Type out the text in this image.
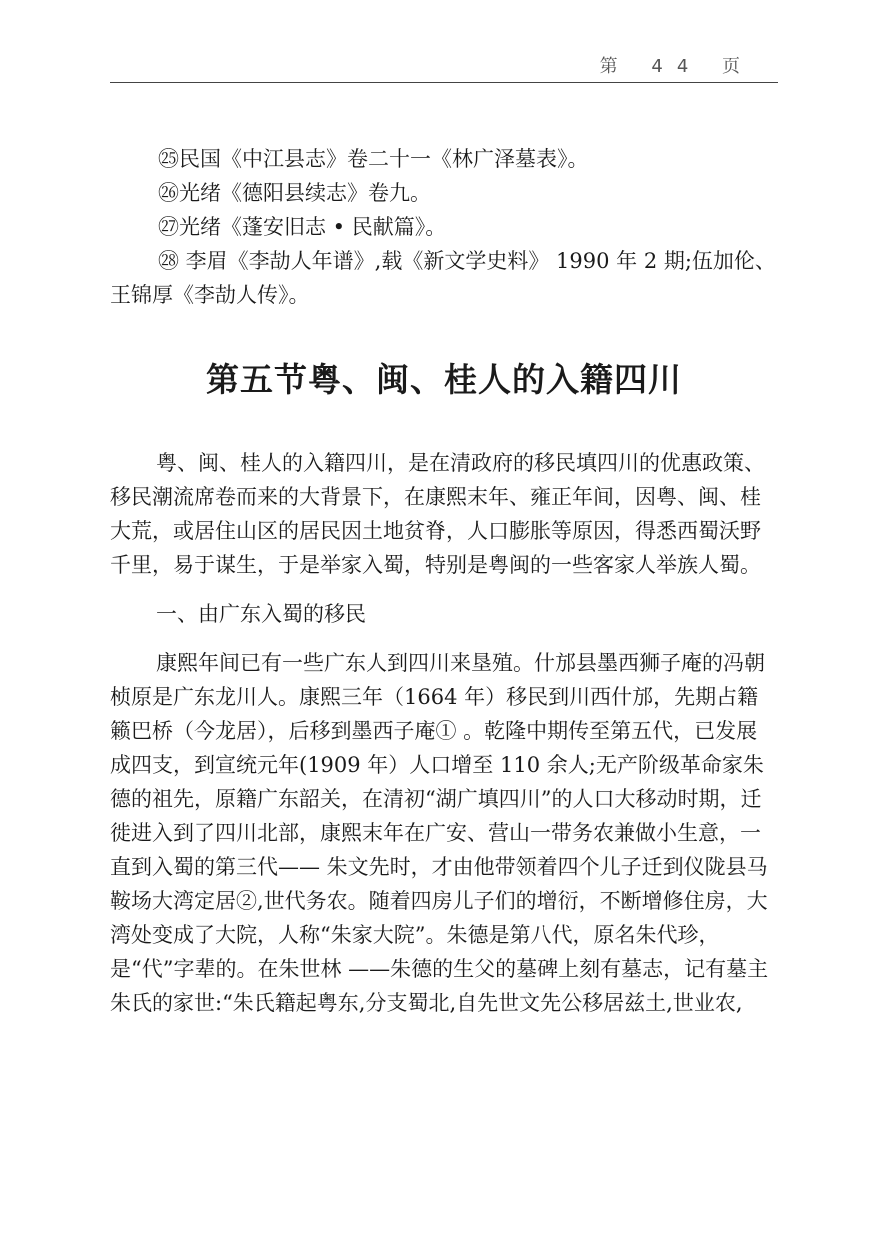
第 44 页

㉕民国《中江县志》卷二十一《林广泽墓表》。

㉖光绪《德阳县续志》卷九。

㉗光绪《蓬安旧志 • 民献篇》。

㉘ 李眉《李劼人年谱》,载《新文学史料》 1990 年 2 期;伍加伦、王锦厚《李劼人传》。

第五节粤、闽、桂人的入籍四川

粤、闽、桂人的入籍四川，是在清政府的移民填四川的优惠政策、移民潮流席卷而来的大背景下，在康熙末年、雍正年间，因粤、闽、桂大荒，或居住山区的居民因土地贫脊，人口膨胀等原因，得悉西蜀沃野千里，易于谋生，于是举家入蜀，特别是粤闽的一些客家人举族人蜀。

一、由广东入蜀的移民

康熙年间已有一些广东人到四川来垦殖。什邡县墨西狮子庵的冯朝桢原是广东龙川人。康熙三年（1664 年）移民到川西什邡，先期占籍籁巴桥（今龙居），后移到墨西子庵① 。乾隆中期传至第五代，已发展成四支，到宣统元年(1909 年）人口增至 110 余人;无产阶级革命家朱德的祖先，原籍广东韶关，在清初“湖广填四川”的人口大移动时期，迁徙进入到了四川北部，康熙末年在广安、营山一带务农兼做小生意，一直到入蜀的第三代—— 朱文先时，才由他带领着四个儿子迁到仪陇县马鞍场大湾定居②,世代务农。随着四房儿子们的增衍，不断增修住房，大湾处变成了大院，人称“朱家大院”。朱德是第八代，原名朱代珍，是“代”字辈的。在朱世林 ——朱德的生父的墓碑上刻有墓志，记有墓主朱氏的家世:“朱氏籍起粤东,分支蜀北,自先世文先公移居兹土,世业农,
